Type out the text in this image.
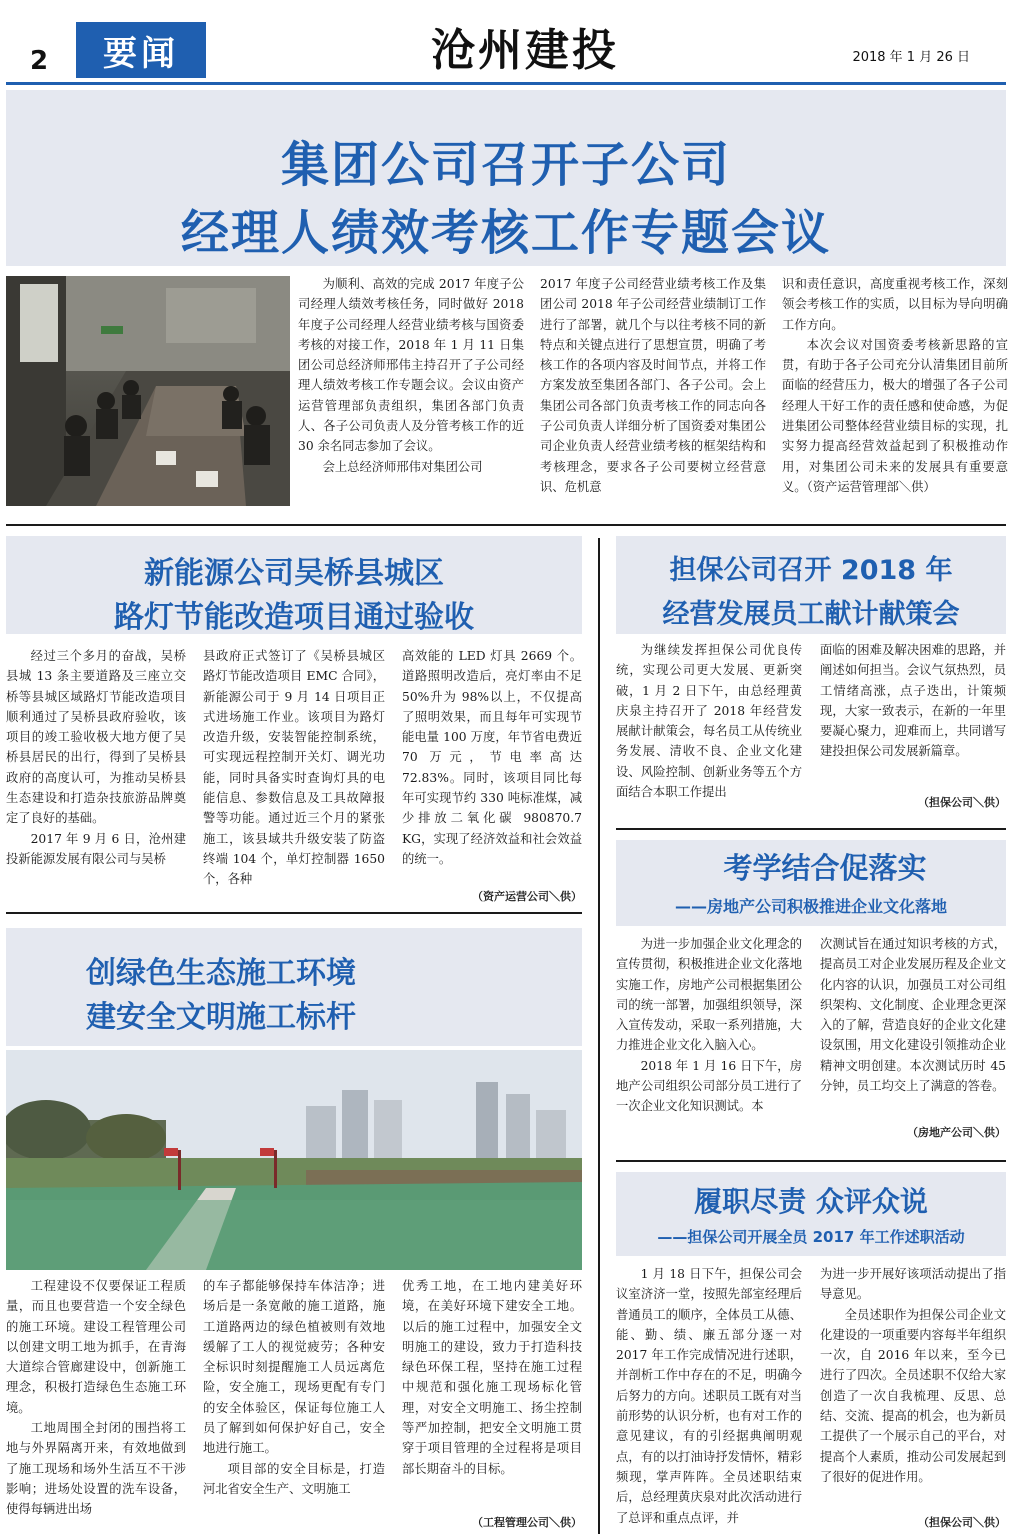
2	要闻	沧州建投	2018 年 1 月 26 日
集团公司召开子公司
经理人绩效考核工作专题会议

为顺利、高效的完成 2017 年度子公司经理人绩效考核任务，同时做好 2018 年度子公司经理人经营业绩考核与国资委考核的对接工作，2018 年 1 月 11 日集团公司总经济师邢伟主持召开了子公司经理人绩效考核工作专题会议。会议由资产运营管理部负责组织，集团各部门负责人、各子公司负责人及分管考核工作的近 30 余名同志参加了会议。

会上总经济师邢伟对集团公司

2017 年度子公司经营业绩考核工作及集团公司 2018 年子公司经营业绩制订工作进行了部署，就几个与以往考核不同的新特点和关键点进行了思想宣贯，明确了考核工作的各项内容及时间节点，并将工作方案发放至集团各部门、各子公司。会上集团公司各部门负责考核工作的同志向各子公司负责人详细分析了国资委对集团公司企业负责人经营业绩考核的框架结构和考核理念，要求各子公司要树立经营意识、危机意

识和责任意识，高度重视考核工作，深刻领会考核工作的实质，以目标为导向明确工作方向。

本次会议对国资委考核新思路的宣贯，有助于各子公司充分认清集团目前所面临的经营压力，极大的增强了各子公司经理人干好工作的责任感和使命感，为促进集团公司整体经营业绩目标的实现，扎实努力提高经营效益起到了积极推动作用，对集团公司未来的发展具有重要意义。（资产运营管理部＼供）

新能源公司吴桥县城区
路灯节能改造项目通过验收

经过三个多月的奋战，吴桥县城 13 条主要道路及三座立交桥等县城区域路灯节能改造项目顺利通过了吴桥县政府验收，该项目的竣工验收极大地方便了吴桥县居民的出行，得到了吴桥县政府的高度认可，为推动吴桥县生态建设和打造杂技旅游品牌奠定了良好的基础。

2017 年 9 月 6 日，沧州建投新能源发展有限公司与吴桥

县政府正式签订了《吴桥县城区路灯节能改造项目 EMC 合同》，新能源公司于 9 月 14 日项目正式进场施工作业。该项目为路灯改造升级，安装智能控制系统，可实现远程控制开关灯、调光功能，同时具备实时查询灯具的电能信息、参数信息及工具故障报警等功能。通过近三个月的紧张施工，该县域共升级安装了防盗终端 104 个，单灯控制器 1650 个，各种

高效能的 LED 灯具 2669 个。道路照明改造后，亮灯率由不足 50%升为 98%以上，不仅提高了照明效果，而且每年可实现节能电量 100 万度，年节省电费近 70 万元，节电率高达 72.83%。同时，该项目同比每年可实现节约 330 吨标准煤，减少排放二氧化碳 980870.7 KG，实现了经济效益和社会效益的统一。

（资产运营公司＼供）
创绿色生态施工环境
建安全文明施工标杆

工程建设不仅要保证工程质量，而且也要营造一个安全绿色的施工环境。建设工程管理公司以创建文明工地为抓手，在青海大道综合管廊建设中，创新施工理念，积极打造绿色生态施工环境。

工地周围全封闭的围挡将工地与外界隔离开来，有效地做到了施工现场和场外生活互不干涉影响；进场处设置的洗车设备，使得每辆进出场

的车子都能够保持车体洁净；进场后是一条宽敞的施工道路，施工道路两边的绿色植被则有效地缓解了工人的视觉疲劳；各种安全标识时刻提醒施工人员远离危险，安全施工，现场更配有专门的安全体验区，保证每位施工人员了解到如何保护好自己，安全地进行施工。

项目部的安全目标是，打造河北省安全生产、文明施工

优秀工地，在工地内建美好环境，在美好环境下建安全工地。以后的施工过程中，加强安全文明施工的建设，致力于打造科技绿色环保工程，坚持在施工过程中规范和强化施工现场标化管理，对安全文明施工、扬尘控制等严加控制，把安全文明施工贯穿于项目管理的全过程将是项目部长期奋斗的目标。

（工程管理公司＼供）
担保公司召开 2018 年
经营发展员工献计献策会

为继续发挥担保公司优良传统，实现公司更大发展、更新突破，1 月 2 日下午，由总经理黄庆泉主持召开了 2018 年经营发展献计献策会，每名员工从传统业务发展、清收不良、企业文化建设、风险控制、创新业务等五个方面结合本职工作提出

面临的困难及解决困难的思路，并阐述如何担当。会议气氛热烈，员工情绪高涨，点子迭出，计策频现，大家一致表示，在新的一年里要凝心聚力，迎难而上，共同谱写建投担保公司发展新篇章。

（担保公司＼供）
考学结合促落实
——房地产公司积极推进企业文化落地

为进一步加强企业文化理念的宣传贯彻，积极推进企业文化落地实施工作，房地产公司根据集团公司的统一部署，加强组织领导，深入宣传发动，采取一系列措施，大力推进企业文化入脑入心。

2018 年 1 月 16 日下午，房地产公司组织公司部分员工进行了一次企业文化知识测试。本

次测试旨在通过知识考核的方式，提高员工对企业发展历程及企业文化内容的认识，加强员工对公司组织架构、文化制度、企业理念更深入的了解，营造良好的企业文化建设氛围，用文化建设引领推动企业精神文明创建。本次测试历时 45 分钟，员工均交上了满意的答卷。

（房地产公司＼供）
履职尽责 众评众说
——担保公司开展全员 2017 年工作述职活动

1 月 18 日下午，担保公司会议室济济一堂，按照先部室经理后普通员工的顺序，全体员工从德、能、勤、绩、廉五部分逐一对 2017 年工作完成情况进行述职，并剖析工作中存在的不足，明确今后努力的方向。述职员工既有对当前形势的认识分析，也有对工作的意见建议，有的引经据典阐明观点，有的以打油诗抒发情怀，精彩频现，掌声阵阵。全员述职结束后，总经理黄庆泉对此次活动进行了总评和重点点评，并

为进一步开展好该项活动提出了指导意见。

全员述职作为担保公司企业文化建设的一项重要内容每半年组织一次，自 2016 年以来，至今已进行了四次。全员述职不仅给大家创造了一次自我梳理、反思、总结、交流、提高的机会，也为新员工提供了一个展示自己的平台，对提高个人素质，推动公司发展起到了很好的促进作用。

（担保公司＼供）
